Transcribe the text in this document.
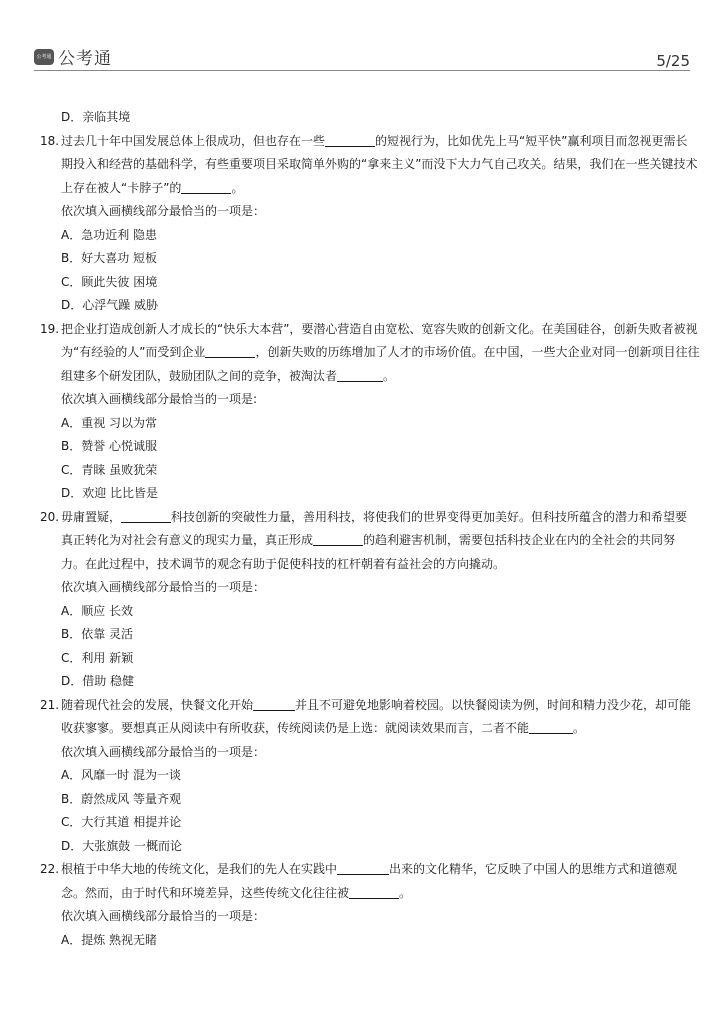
公考通 公考通	5/25
D．亲临其境
18. 过去几十年中国发展总体上很成功，但也存在一些	的短视行为，比如优先上马“短平快”赢利项目而忽视更需长
期投入和经营的基础科学，有些重要项目采取简单外购的“拿来主义”而没下大力气自己攻关。结果，我们在一些关键技术
上存在被人“卡脖子”的	。
依次填入画横线部分最恰当的一项是：
A．急功近利 隐患
B．好大喜功 短板
C．顾此失彼 困境
D．心浮气躁 威胁
19. 把企业打造成创新人才成长的“快乐大本营”，要潜心营造自由宽松、宽容失败的创新文化。在美国硅谷，创新失败者被视
为“有经验的人”而受到企业	，创新失败的历练增加了人才的市场价值。在中国，一些大企业对同一创新项目往往
组建多个研发团队，鼓励团队之间的竞争，被淘汰者	。
依次填入画横线部分最恰当的一项是:
A．重视 习以为常
B．赞誉 心悦诚服
C．青睐 虽败犹荣
D．欢迎 比比皆是
20. 毋庸置疑，	科技创新的突破性力量，善用科技，将使我们的世界变得更加美好。但科技所蕴含的潜力和希望要
真正转化为对社会有意义的现实力量，真正形成	的趋利避害机制，需要包括科技企业在内的全社会的共同努
力。在此过程中，技术调节的观念有助于促使科技的杠杆朝着有益社会的方向撬动。
依次填入画横线部分最恰当的一项是：
A．顺应 长效
B．依靠 灵活
C．利用 新颖
D．借助 稳健
21. 随着现代社会的发展，快餐文化开始	并且不可避免地影响着校园。以快餐阅读为例，时间和精力没少花，却可能
收获寥寥。要想真正从阅读中有所收获，传统阅读仍是上选：就阅读效果而言，二者不能	。
依次填入画横线部分最恰当的一项是：
A．风靡一时 混为一谈
B．蔚然成风 等量齐观
C．大行其道 相提并论
D．大张旗鼓 一概而论
22. 根植于中华大地的传统文化，是我们的先人在实践中	出来的文化精华，它反映了中国人的思维方式和道德观
念。然而，由于时代和环境差异，这些传统文化往往被	。
依次填入画横线部分最恰当的一项是：
A．提炼 熟视无睹
